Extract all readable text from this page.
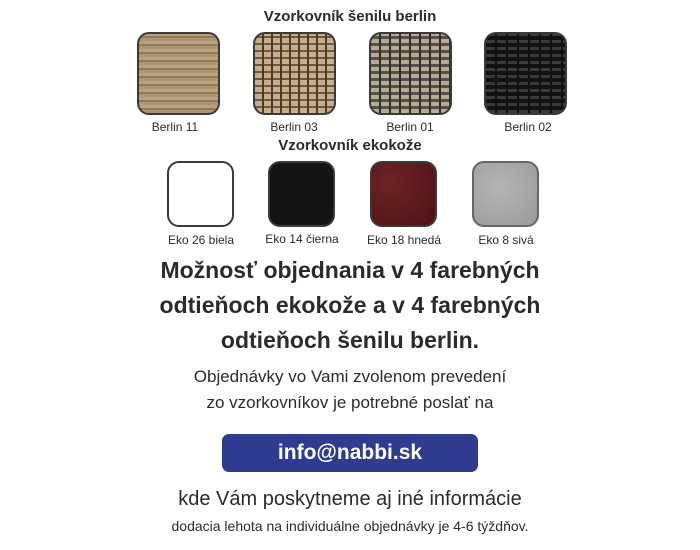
Vzorkovník šenilu berlin
Berlin 11	Berlin 03	Berlin 01	Berlin 02
Vzorkovník ekokože
Eko 26 biela	Eko 14 čierna	Eko 18 hnedá	Eko 8 sivá
Možnosť objednania v 4 farebných
odtieňoch ekokože a v 4 farebných
odtieňoch šenilu berlin.
Objednávky vo Vami zvolenom prevedení
zo vzorkovníkov je potrebné poslať na
info@nabbi.sk
kde Vám poskytneme aj iné informácie
dodacia lehota na individuálne objednávky je 4-6 týždňov.
